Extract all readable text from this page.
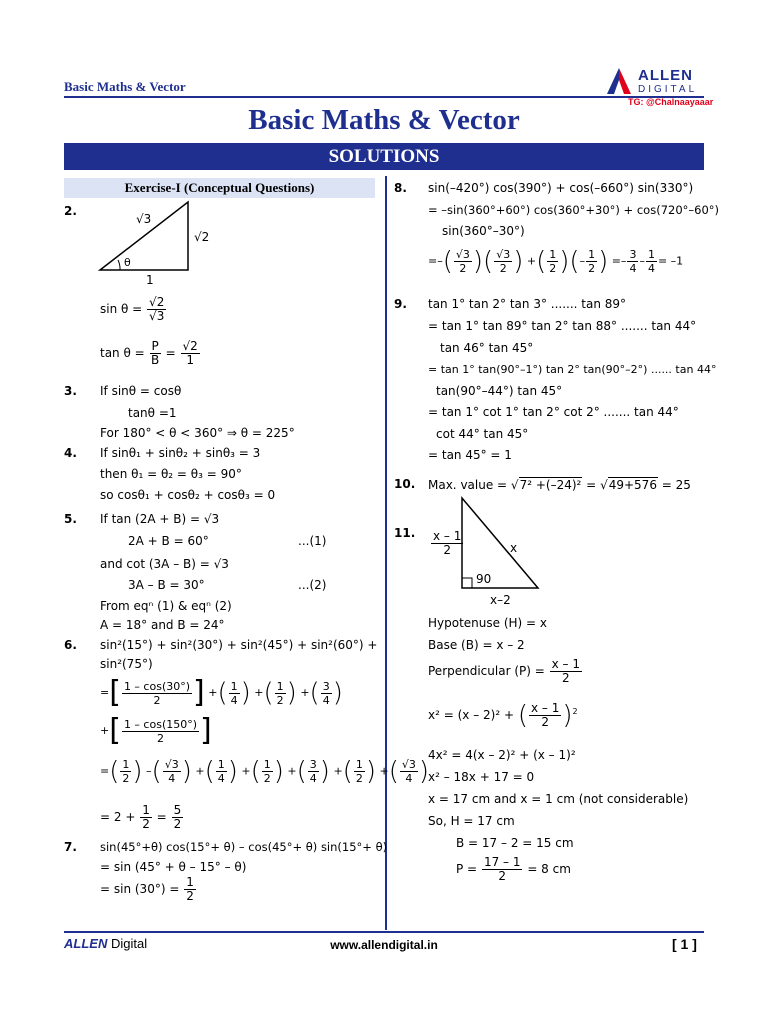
Basic Maths & Vector
ALLEN
DIGITAL
TG: @Chalnaayaaar
Basic Maths & Vector
SOLUTIONS
Exercise-I (Conceptual Questions)
2.
√3
√2
1
θ
$\sin \theta = \frac{√2}{√3}$
$\tan \theta = \frac{P}{B} = \frac{√2}{1}$
3. If sinθ = cosθ
tanθ =1
For 180° < θ < 360° ⇒ θ = 225°
4. If sinθ₁ + sinθ₂ + sinθ₃ = 3
then θ₁ = θ₂ = θ₃ = 90°
so cosθ₁ + cosθ₂ + cosθ₃ = 0
5. If tan (2A + B) = √3
2A + B = 60°	...(1)
and cot (3A – B) = √3
3A – B = 30°	...(2)
From eqⁿ (1) & eqⁿ (2)
A = 18° and B = 24°
6. sin²(15°) + sin²(30°) + sin²(45°) + sin²(60°) +
sin²(75°)
=[ $\frac{1 - \cos(30^\circ)}{2}$ ] +( $\frac{1}{4}$ ) +( $\frac{1}{2}$ ) +( $\frac{3}{4}$ )
+[ $\frac{1 - \cos(150^\circ)}{2}$ ]
=( $\frac{1}{2}$ ) –( $\frac{√3}{4}$ ) +( $\frac{1}{4}$ ) +( $\frac{1}{2}$ ) +( $\frac{3}{4}$ ) +( $\frac{1}{2}$ ) +( $\frac{√3}{4}$ )
= $2 + \frac{1}{2} = \frac{5}{2}$
7. sin(45°+θ) cos(15°+ θ) – cos(45°+ θ) sin(15°+ θ)
= sin (45° + θ – 15° – θ)
= $\sin (30^\circ) = \frac{1}{2}$
8. sin(–420°) cos(390°) + cos(–660°) sin(330°)
= –sin(360°+60°) cos(360°+30°) + cos(720°–60°)
sin(360°–30°)
=–( $\frac{√3}{2}$ )( $\frac{√3}{2}$ ) +( $\frac{1}{2}$ )(– $\frac{1}{2}$ ) =– $\frac{3}{4} - \frac{1}{4} = -1$
9. tan 1° tan 2° tan 3° ....... tan 89°
= tan 1° tan 89° tan 2° tan 88° ....... tan 44°
tan 46° tan 45°
= tan 1° tan(90°–1°) tan 2° tan(90°–2°) ...... tan 44°
tan(90°–44°) tan 45°
= tan 1° cot 1° tan 2° cot 2° ....... tan 44°
cot 44° tan 45°
= tan 45° = 1
10. Max. value = √7² +(–24)² = √49+576 = 25
11. $\frac{x - 1}{2}$	x
90
x–2
Hypotenuse (H) = x
Base (B) = x – 2
Perpendicular $(P) = \frac{x - 1}{2}$
x² = (x – 2)² + ( $\frac{x - 1}{2} )^2$
4x² = 4(x – 2)² + (x – 1)²
x² – 18x + 17 = 0
x = 17 cm and x = 1 cm (not considerable)
So, H = 17 cm
B = 17 – 2 = 15 cm
$P = \frac{17 - 1}{2} = 8$ cm
ALLEN Digital	www.allendigital.in	[ 1 ]
